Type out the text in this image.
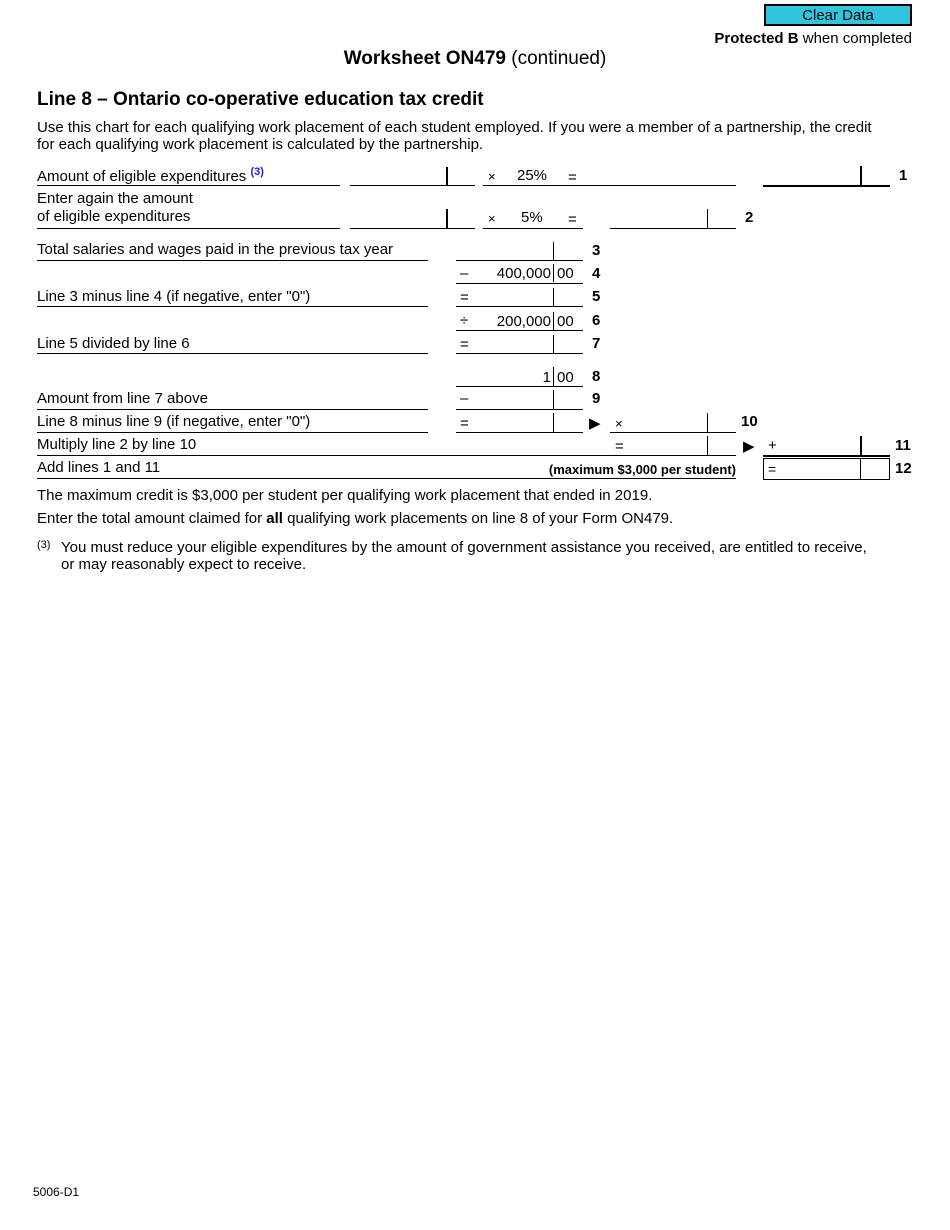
Clear Data
Protected B when completed
Worksheet ON479 (continued)
Line 8 – Ontario co-operative education tax credit
Use this chart for each qualifying work placement of each student employed. If you were a member of a partnership, the credit
for each qualifying work placement is calculated by the partnership.
Amount of eligible expenditures $^{(3)}$	× 25% =	1
Enter again the amount
of eligible expenditures	× 5% =	2
Total salaries and wages paid in the previous tax year	3
–	400,000 00 4
Line 3 minus line 4 (if negative, enter "0")	=	5
÷	200,000 00 6
Line 5 divided by line 6	=	7
1 00 8
Amount from line 7 above	–	9
Line 8 minus line 9 (if negative, enter "0")	=	▶ ×	10
Multiply line 2 by line 10	=	▶ +	11
Add lines 1 and 11	(maximum $3,000 per student) =	12
The maximum credit is $3,000 per student per qualifying work placement that ended in 2019.
Enter the total amount claimed for all qualifying work placements on line 8 of your Form ON479.
(3) You must reduce your eligible expenditures by the amount of government assistance you received, are entitled to receive,
or may reasonably expect to receive.
5006-D1
